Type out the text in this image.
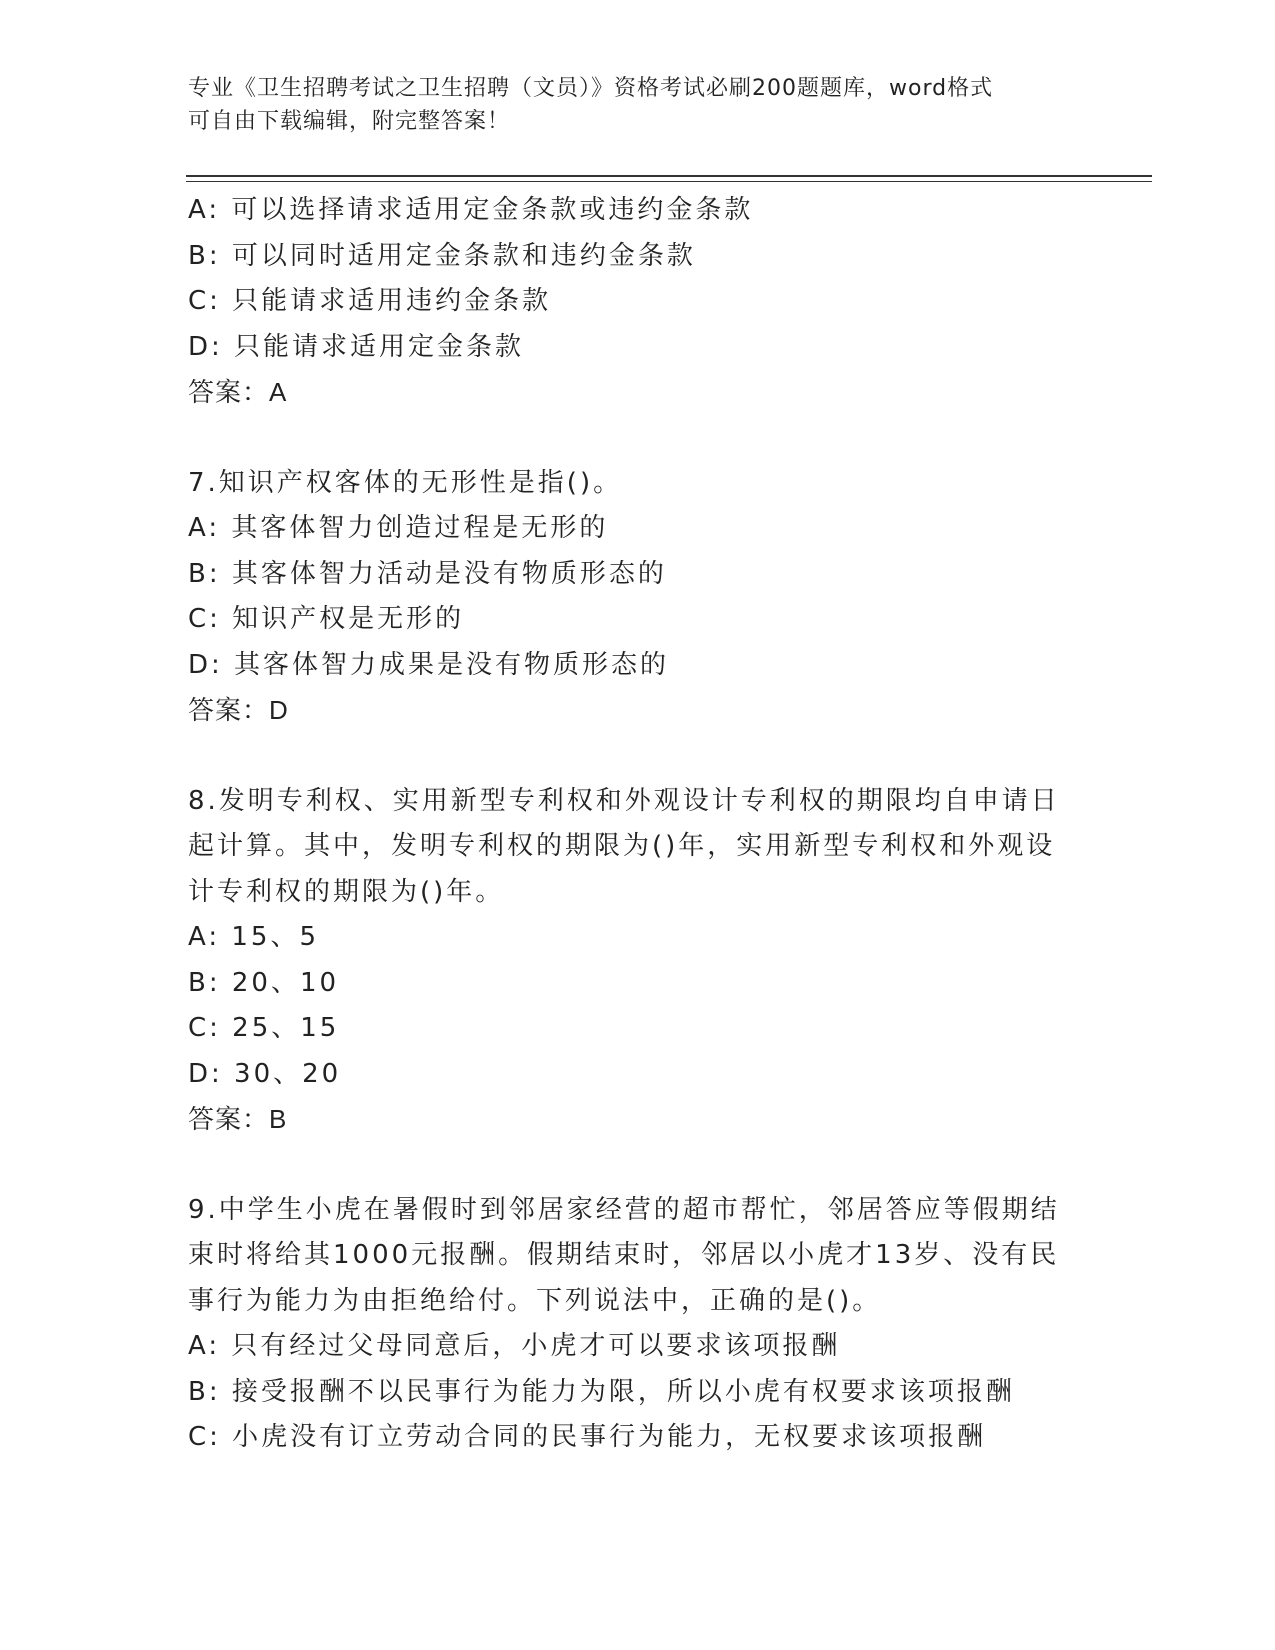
专业《卫生招聘考试之卫生招聘（文员）》资格考试必刷200题题库，word格式
可自由下载编辑，附完整答案！
A: 可以选择请求适用定金条款或违约金条款
B: 可以同时适用定金条款和违约金条款
C: 只能请求适用违约金条款
D: 只能请求适用定金条款
答案：A
7.知识产权客体的无形性是指()。
A: 其客体智力创造过程是无形的
B: 其客体智力活动是没有物质形态的
C: 知识产权是无形的
D: 其客体智力成果是没有物质形态的
答案：D
8.发明专利权、实用新型专利权和外观设计专利权的期限均自申请日
起计算。其中，发明专利权的期限为()年，实用新型专利权和外观设
计专利权的期限为()年。
A: 15、5
B: 20、10
C: 25、15
D: 30、20
答案：B
9.中学生小虎在暑假时到邻居家经营的超市帮忙，邻居答应等假期结
束时将给其1000元报酬。假期结束时，邻居以小虎才13岁、没有民
事行为能力为由拒绝给付。下列说法中，正确的是()。
A: 只有经过父母同意后，小虎才可以要求该项报酬
B: 接受报酬不以民事行为能力为限，所以小虎有权要求该项报酬
C: 小虎没有订立劳动合同的民事行为能力，无权要求该项报酬
